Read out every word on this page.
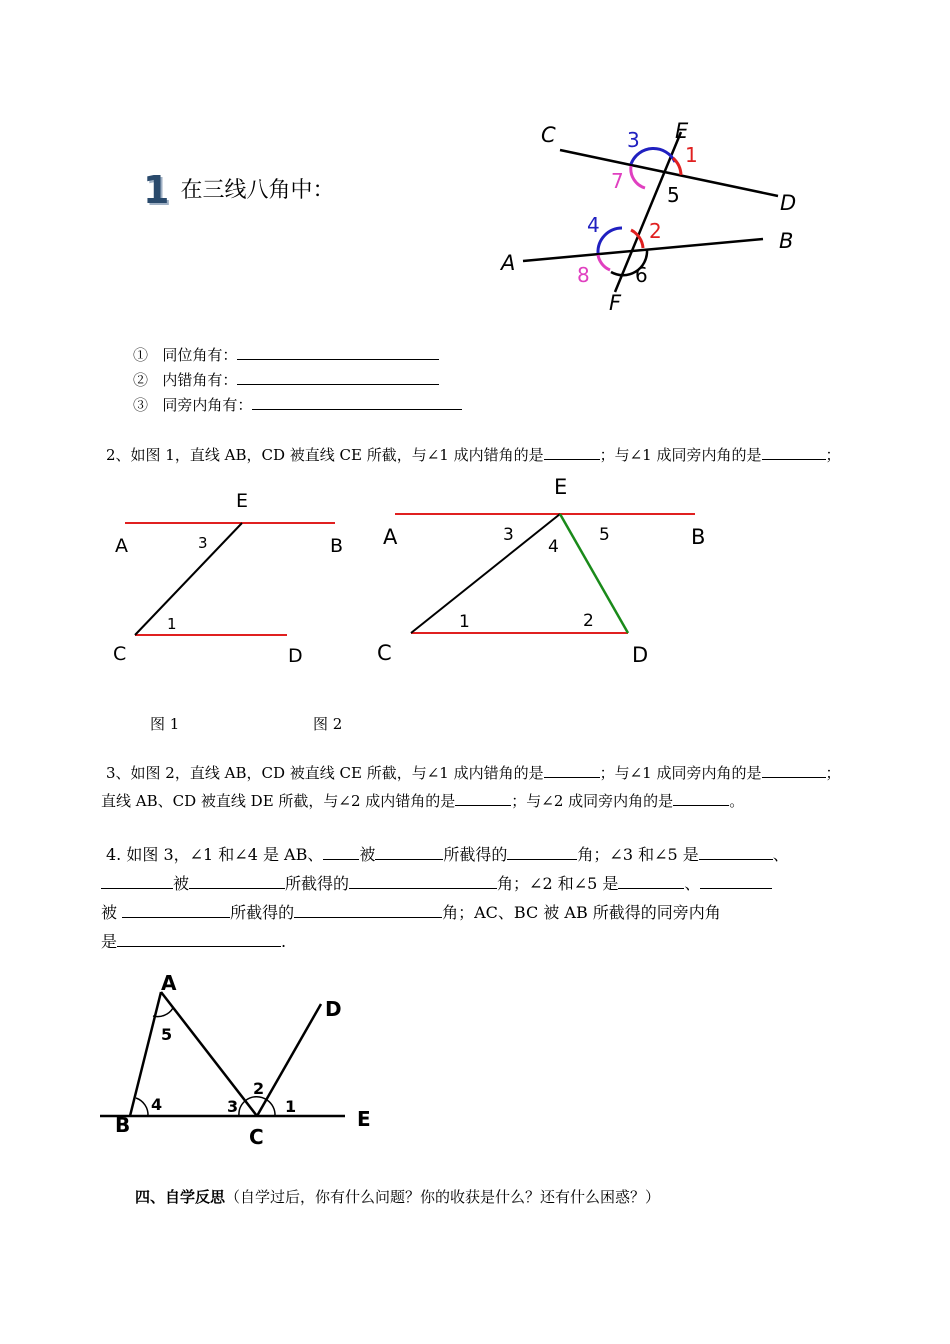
1 在三线八角中：
C	E
D
A
B
F
3
1
7
5
4 2
8 6
① 同位角有：
② 内错角有：
③ 同旁内角有：
2、如图 1，直线 AB，CD 被直线 CE 所截，与∠1 成内错角的是	；与∠1 成同旁内角的是	；
E
A	B
C	D
3
1
E
A	B
C	D
3
4
5
1	2
图 1	图 2
3、如图 2，直线 AB，CD 被直线 CE 所截，与∠1 成内错角的是	；与∠1 成同旁内角的是	；
直线 AB、CD 被直线 DE 所截，与∠2 成内错角的是	；与∠2 成同旁内角的是	。
4. 如图 3，∠1 和∠4 是 AB、 被	所截得的	角；∠3 和∠5 是	、
被	所截得的	角；∠2 和∠5 是	、
被	所截得的	角；AC、BC 被 AB 所截得的同旁内角
是	.
A
B	C
D
E
5
4	3
2
1
四、自学反思（自学过后，你有什么问题？你的收获是什么？还有什么困惑？）
